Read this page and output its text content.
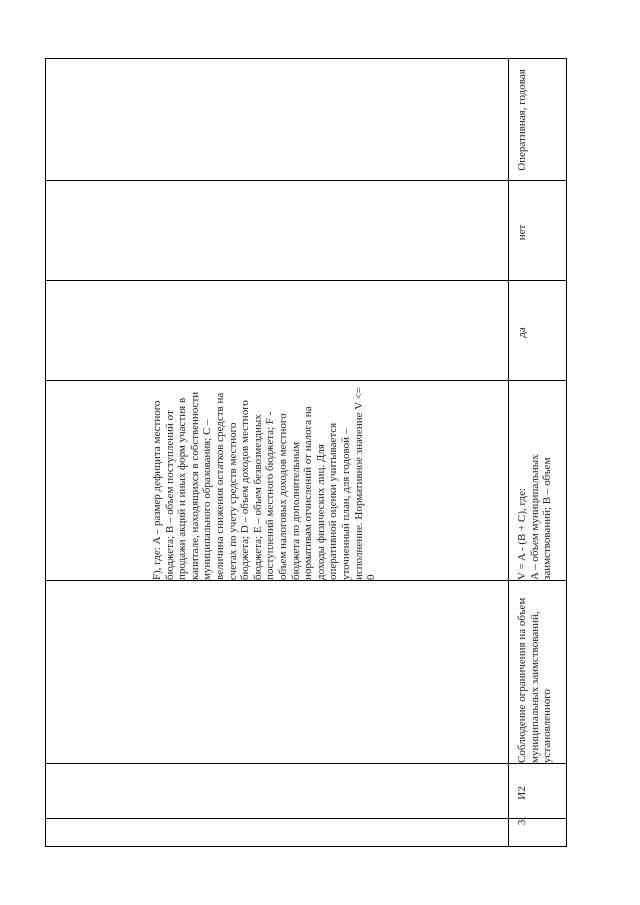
F), где: A – размер дефицита местного бюджета; B – объем поступлений от продажи акций и иных форм участия в капитале, находящихся в собственности муниципального образования; C – величина снижения остатков средств на счетах по учету средств местного бюджета; D – объем доходов местного бюджета; E – объем безвозмездных поступлений местного бюджета; F - объем налоговых доходов местного бюджета по дополнительным нормативам отчислений от налога на доходы физических лиц. Для оперативной оценки учитывается уточненный план, для годовой – исполнение. Нормативное значение V <= 0
3.
И2
Соблюдение ограничения на объем муниципальных заимствований, установленного
V = A - (B + C), где:
A – объем муниципальных заимствований; B – объем
да
нет
Оперативная, годовая
